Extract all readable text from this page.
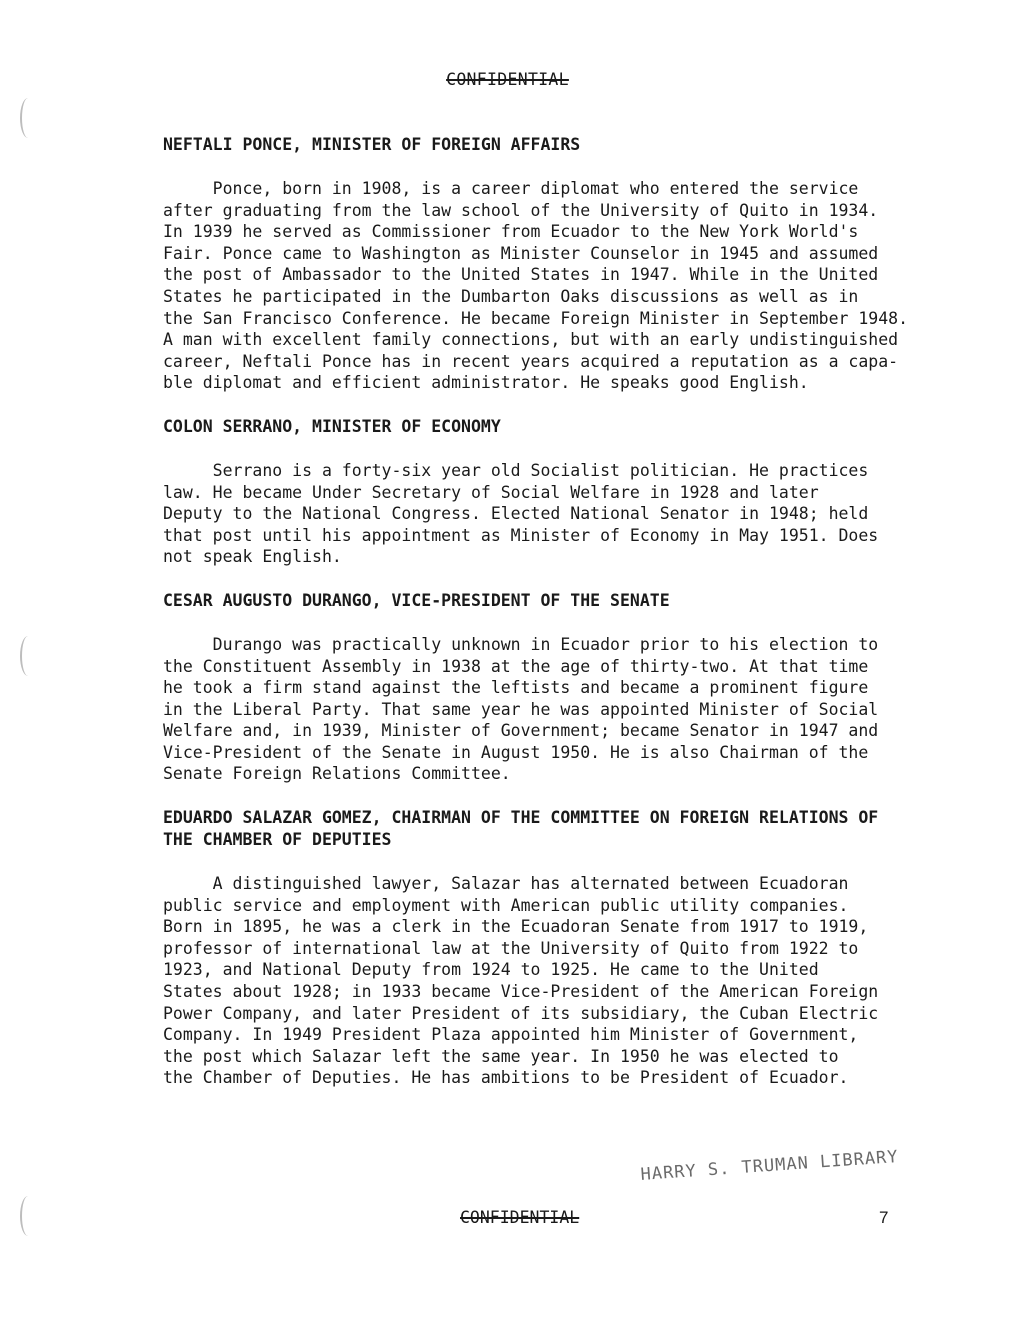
CONFIDENTIAL
NEFTALI PONCE, MINISTER OF FOREIGN AFFAIRS

Ponce, born in 1908, is a career diplomat who entered the service
after graduating from the law school of the University of Quito in 1934.
In 1939 he served as Commissioner from Ecuador to the New York World's
Fair. Ponce came to Washington as Minister Counselor in 1945 and assumed
the post of Ambassador to the United States in 1947. While in the United
States he participated in the Dumbarton Oaks discussions as well as in
the San Francisco Conference. He became Foreign Minister in September 1948.
A man with excellent family connections, but with an early undistinguished
career, Neftali Ponce has in recent years acquired a reputation as a capa-
ble diplomat and efficient administrator. He speaks good English.

COLON SERRANO, MINISTER OF ECONOMY

Serrano is a forty-six year old Socialist politician. He practices
law. He became Under Secretary of Social Welfare in 1928 and later
Deputy to the National Congress. Elected National Senator in 1948; held
that post until his appointment as Minister of Economy in May 1951. Does
not speak English.

CESAR AUGUSTO DURANGO, VICE-PRESIDENT OF THE SENATE

Durango was practically unknown in Ecuador prior to his election to
the Constituent Assembly in 1938 at the age of thirty-two. At that time
he took a firm stand against the leftists and became a prominent figure
in the Liberal Party. That same year he was appointed Minister of Social
Welfare and, in 1939, Minister of Government; became Senator in 1947 and
Vice-President of the Senate in August 1950. He is also Chairman of the
Senate Foreign Relations Committee.

EDUARDO SALAZAR GOMEZ, CHAIRMAN OF THE COMMITTEE ON FOREIGN RELATIONS OF
THE CHAMBER OF DEPUTIES

A distinguished lawyer, Salazar has alternated between Ecuadoran
public service and employment with American public utility companies.
Born in 1895, he was a clerk in the Ecuadoran Senate from 1917 to 1919,
professor of international law at the University of Quito from 1922 to
1923, and National Deputy from 1924 to 1925. He came to the United
States about 1928; in 1933 became Vice-President of the American Foreign
Power Company, and later President of its subsidiary, the Cuban Electric
Company. In 1949 President Plaza appointed him Minister of Government,
the post which Salazar left the same year. In 1950 he was elected to
the Chamber of Deputies. He has ambitions to be President of Ecuador.

HARRY S. TRUMAN LIBRARY
CONFIDENTIAL	7
